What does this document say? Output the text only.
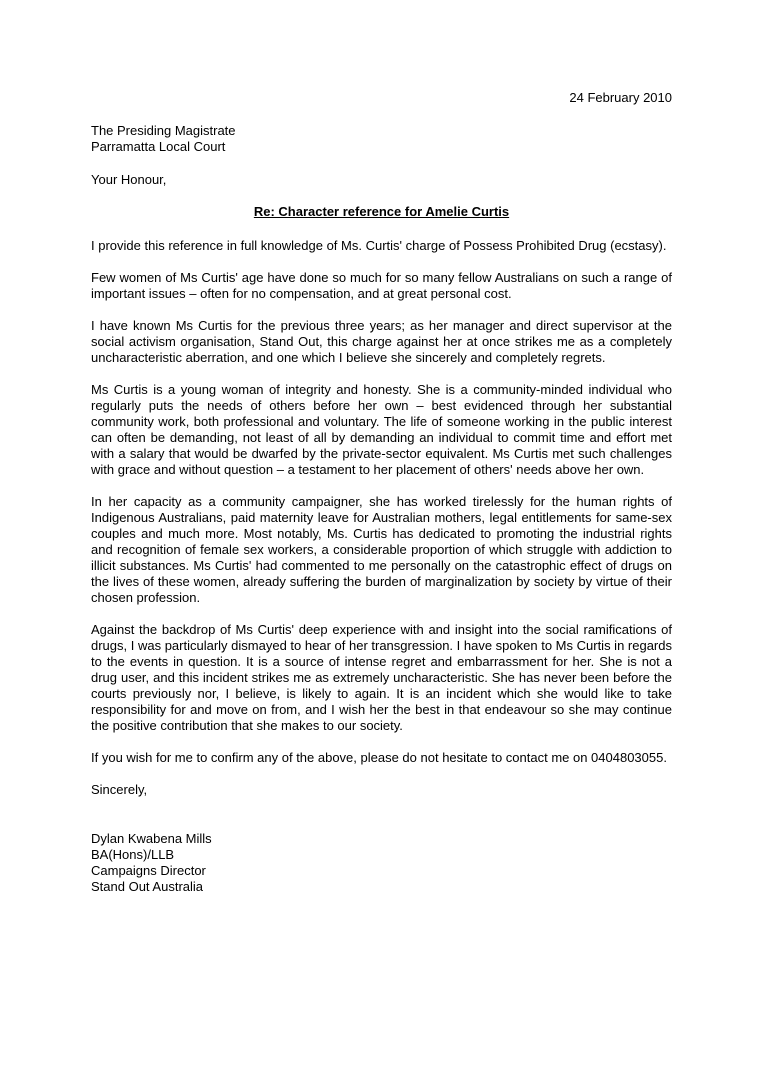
24 February 2010
The Presiding Magistrate
Parramatta Local Court
Your Honour,
Re: Character reference for Amelie Curtis

I provide this reference in full knowledge of Ms. Curtis' charge of Possess Prohibited Drug (ecstasy).

Few women of Ms Curtis' age have done so much for so many fellow Australians on such a range of important issues – often for no compensation, and at great personal cost.

I have known Ms Curtis for the previous three years; as her manager and direct supervisor at the social activism organisation, Stand Out, this charge against her at once strikes me as a completely uncharacteristic aberration, and one which I believe she sincerely and completely regrets.

Ms Curtis is a young woman of integrity and honesty. She is a community-minded individual who regularly puts the needs of others before her own – best evidenced through her substantial community work, both professional and voluntary. The life of someone working in the public interest can often be demanding, not least of all by demanding an individual to commit time and effort met with a salary that would be dwarfed by the private-sector equivalent. Ms Curtis met such challenges with grace and without question – a testament to her placement of others' needs above her own.

In her capacity as a community campaigner, she has worked tirelessly for the human rights of Indigenous Australians, paid maternity leave for Australian mothers, legal entitlements for same-sex couples and much more. Most notably, Ms. Curtis has dedicated to promoting the industrial rights and recognition of female sex workers, a considerable proportion of which struggle with addiction to illicit substances. Ms Curtis' had commented to me personally on the catastrophic effect of drugs on the lives of these women, already suffering the burden of marginalization by society by virtue of their chosen profession.

Against the backdrop of Ms Curtis' deep experience with and insight into the social ramifications of drugs, I was particularly dismayed to hear of her transgression. I have spoken to Ms Curtis in regards to the events in question. It is a source of intense regret and embarrassment for her. She is not a drug user, and this incident strikes me as extremely uncharacteristic. She has never been before the courts previously nor, I believe, is likely to again. It is an incident which she would like to take responsibility for and move on from, and I wish her the best in that endeavour so she may continue the positive contribution that she makes to our society.

If you wish for me to confirm any of the above, please do not hesitate to contact me on 0404803055.

Sincerely,
Dylan Kwabena Mills
BA(Hons)/LLB
Campaigns Director
Stand Out Australia
